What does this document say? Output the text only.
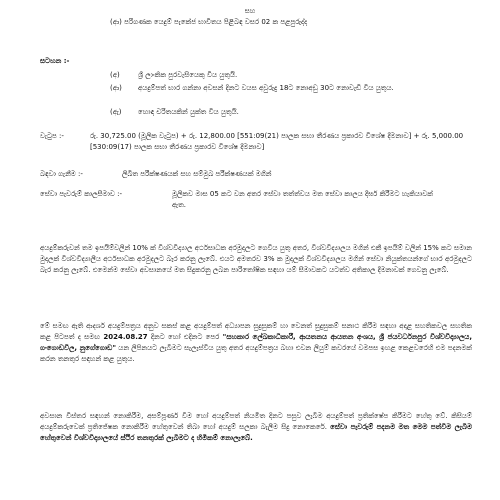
සහ
(ආ) පරිගණක යෙදුම් පැකේජ භාවිතය පිළිබඳ වසර 02 ක පළපුරුද්ද
සටහන :-
(අ)	ශ්‍රී ලාංකික පුරවැසියෙකු විය යුතුයි.
(ආ)	අයදුම්පත් භාර ගන්නා අවසන් දිනට වයස අවුරුදු 18ට නොඅඩු 30ට නොවැඩි විය යුතුය.
(ඇ)	හොඳ චරිතයකින් යුක්ත විය යුතුයි.
වැටුප :-	රු. 30,725.00 (මූලික වැටුප) + රු. 12,800.00 [551:09(21) පාලක සභා තීරණය ප්‍රකාරව විශේෂ දීමනාව] + රු. 5,000.00 [530:09(17) පාලක සභා තීරණය ප්‍රකාරව විශේෂ දීමනාව]
බඳවා ගැනීම :-	ලිඛිත පරීක්ෂණයක් සහ සම්මුඛ පරීක්ෂණයක් මගින්
සේවා පැවරුම් කාලසීමාව :-	මූලිකව මාස 05 කට වන අතර සේවා තත්ත්වය මත සේවා කාලය දීර්ඝ කිරීමට හැකියාවක් ඇත.
අයදුම්කරුවන් තම ඉපයීම්වලින් 10% ක් විශ්වවිද්‍යාල අර්ථසාධක අරමුදලට ගෙවිය යුතු අතර, විශ්වවිද්‍යාලය මගින් එකී ඉපයීම් වලින් 15% කට සමාන මුදලක් විශ්වවිද්‍යාලීය අර්ථසාධක අරමුදලට බැර කරනු ලැබේ. එයට අමතරව 3% ක මුදලක් විශ්වවිද්‍යාලය මගින් සේවා නියුක්තයන්ගේ භාර අරමුදලට බැර කරනු ලැබේ. එමෙන්ම සේවා අවසානයේ මත සිදුකරනු ලබන පාරිතෝෂික සඳහා යම් සීමාවකට යටත්ව අතිකාල දීමනාවක් ගෙවනු ලැබේ.
මේ සමඟ ඇති ආදර්ශ අයදුම්පත්‍රය අනුව සකස් කළ අයදුම්පත් අධ්‍යාපන සුදුසුකම් හා වෙනත් සුදුසුකම් සනාථ කිරීම සඳහා අදාළ සහතිකවල සහතික කළ පිටපත් ද සමඟ 2024.08.27 දිනට හෝ එදිනට පෙර "සහකාර ලේඛකාධිකාරී, ආයතනය ආයතන අංශය, ශ්‍රී ජයවර්ධනපුර විශ්වවිද්‍යාලය, ගංගොඩවිල, නුගේගොඩ" යන ලිපිනයට ලැබීමට සැලැස්විය යුතු අතර අයදුම්පත්‍රය බහා එවන ලියුම් කවරයේ වමපස ඉහළ කෙළවරෙහි එම පදනමක් කරන තනතුර සඳහන් කළ යුතුය.
අවසාන විස්තර සඳහන් නොකිරීම, අසම්පූර්ණ වීම හෝ අයදුම්පත් නියමිත දිනට පසුව ලැබීම අයදුම්පත් ප්‍රතික්ෂේප කිරීමට හේතු වේ. කිසියම් අයදුම්කරුවෙක් ප්‍රතිජේෂක නොකිරීම හේතුවෙන් තිබා හෝ අයදුම් සලකා බැලීම සිදු නොකෙරේ. සේවා පැවරුම් පදනම මත මෙම පත්වීම ලැබීම හේතුවෙන් විශ්වවිද්‍යාලයේ ස්ථිර තනතුරක් ලැබීමට ද හිමිකම් නොලැබේ.
